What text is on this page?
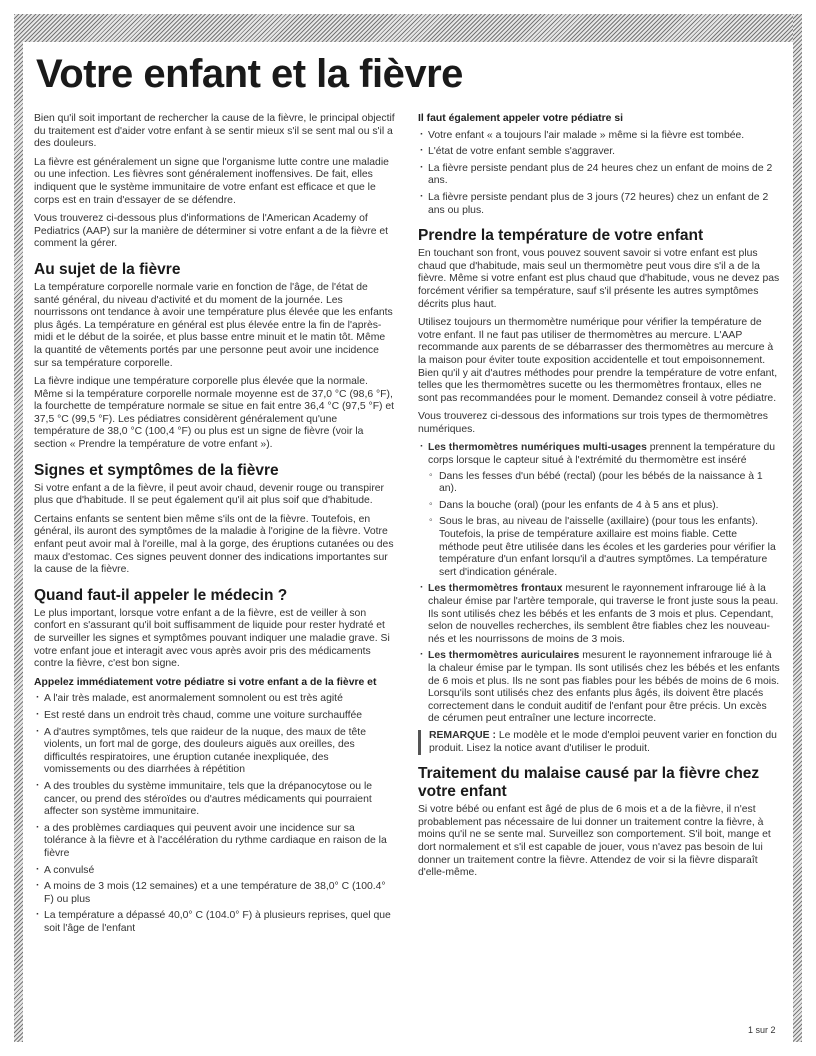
Votre enfant et la fièvre

Bien qu'il soit important de rechercher la cause de la fièvre, le principal objectif du traitement est d'aider votre enfant à se sentir mieux s'il se sent mal ou s'il a des douleurs.

La fièvre est généralement un signe que l'organisme lutte contre une maladie ou une infection. Les fièvres sont généralement inoffensives. De fait, elles indiquent que le système immunitaire de votre enfant est efficace et que le corps est en train d'essayer de se défendre.

Vous trouverez ci-dessous plus d'informations de l'American Academy of Pediatrics (AAP) sur la manière de déterminer si votre enfant a de la fièvre et comment la gérer.

Au sujet de la fièvre

La température corporelle normale varie en fonction de l'âge, de l'état de santé général, du niveau d'activité et du moment de la journée. Les nourrissons ont tendance à avoir une température plus élevée que les enfants plus âgés. La température en général est plus élevée entre la fin de l'après-midi et le début de la soirée, et plus basse entre minuit et le matin tôt. Même la quantité de vêtements portés par une personne peut avoir une incidence sur sa température corporelle.

La fièvre indique une température corporelle plus élevée que la normale. Même si la température corporelle normale moyenne est de 37,0 °C (98,6 °F), la fourchette de température normale se situe en fait entre 36,4 °C (97,5 °F) et 37,5 °C (99,5 °F). Les pédiatres considèrent généralement qu'une température de 38,0 °C (100,4 °F) ou plus est un signe de fièvre (voir la section « Prendre la température de votre enfant »).

Signes et symptômes de la fièvre

Si votre enfant a de la fièvre, il peut avoir chaud, devenir rouge ou transpirer plus que d'habitude. Il se peut également qu'il ait plus soif que d'habitude.

Certains enfants se sentent bien même s'ils ont de la fièvre. Toutefois, en général, ils auront des symptômes de la maladie à l'origine de la fièvre. Votre enfant peut avoir mal à l'oreille, mal à la gorge, des éruptions cutanées ou des maux d'estomac. Ces signes peuvent donner des indications importantes sur la cause de la fièvre.

Quand faut-il appeler le médecin ?

Le plus important, lorsque votre enfant a de la fièvre, est de veiller à son confort en s'assurant qu'il boit suffisamment de liquide pour rester hydraté et de surveiller les signes et symptômes pouvant indiquer une maladie grave. Si votre enfant joue et interagit avec vous après avoir pris des médicaments contre la fièvre, c'est bon signe.

Appelez immédiatement votre pédiatre si votre enfant a de la fièvre et
· A l'air très malade, est anormalement somnolent ou est très agité
· Est resté dans un endroit très chaud, comme une voiture surchauffée
· A d'autres symptômes, tels que raideur de la nuque, des maux de tête violents, un fort mal de gorge, des douleurs aiguës aux oreilles, des difficultés respiratoires, une éruption cutanée inexpliquée, des vomissements ou des diarrhées à répétition
· A des troubles du système immunitaire, tels que la drépanocytose ou le cancer, ou prend des stéroïdes ou d'autres médicaments qui pourraient affecter son système immunitaire.
· a des problèmes cardiaques qui peuvent avoir une incidence sur sa tolérance à la fièvre et à l'accélération du rythme cardiaque en raison de la fièvre
· A convulsé
· A moins de 3 mois (12 semaines) et a une température de 38,0° C (100.4° F) ou plus
· La température a dépassé 40,0° C (104.0° F) à plusieurs reprises, quel que soit l'âge de l'enfant
Il faut également appeler votre pédiatre si
· Votre enfant « a toujours l'air malade » même si la fièvre est tombée.
· L'état de votre enfant semble s'aggraver.
· La fièvre persiste pendant plus de 24 heures chez un enfant de moins de 2 ans.
· La fièvre persiste pendant plus de 3 jours (72 heures) chez un enfant de 2 ans ou plus.
Prendre la température de votre enfant

En touchant son front, vous pouvez souvent savoir si votre enfant est plus chaud que d'habitude, mais seul un thermomètre peut vous dire s'il a de la fièvre. Même si votre enfant est plus chaud que d'habitude, vous ne devez pas forcément vérifier sa température, sauf s'il présente les autres symptômes décrits plus haut.

Utilisez toujours un thermomètre numérique pour vérifier la température de votre enfant. Il ne faut pas utiliser de thermomètres au mercure. L'AAP recommande aux parents de se débarrasser des thermomètres au mercure à la maison pour éviter toute exposition accidentelle et tout empoisonnement. Bien qu'il y ait d'autres méthodes pour prendre la température de votre enfant, telles que les thermomètres sucette ou les thermomètres frontaux, elles ne sont pas recommandées pour le moment. Demandez conseil à votre pédiatre.

Vous trouverez ci-dessous des informations sur trois types de thermomètres numériques.

· Les thermomètres numériques multi-usages prennent la température du corps lorsque le capteur situé à l'extrémité du thermomètre est inséré
◦ Dans les fesses d'un bébé (rectal) (pour les bébés de la naissance à 1 an).
◦ Dans la bouche (oral) (pour les enfants de 4 à 5 ans et plus).
◦ Sous le bras, au niveau de l'aisselle (axillaire) (pour tous les enfants). Toutefois, la prise de température axillaire est moins fiable. Cette méthode peut être utilisée dans les écoles et les garderies pour vérifier la température d'un enfant lorsqu'il a d'autres symptômes. La température sert d'indication générale.
· Les thermomètres frontaux mesurent le rayonnement infrarouge lié à la chaleur émise par l'artère temporale, qui traverse le front juste sous la peau. Ils sont utilisés chez les bébés et les enfants de 3 mois et plus. Cependant, selon de nouvelles recherches, ils semblent être fiables chez les nouveau-nés et les nourrissons de moins de 3 mois.
· Les thermomètres auriculaires mesurent le rayonnement infrarouge lié à la chaleur émise par le tympan. Ils sont utilisés chez les bébés et les enfants de 6 mois et plus. Ils ne sont pas fiables pour les bébés de moins de 6 mois. Lorsqu'ils sont utilisés chez des enfants plus âgés, ils doivent être placés correctement dans le conduit auditif de l'enfant pour être précis. Un excès de cérumen peut entraîner une lecture incorrecte.

REMARQUE : Le modèle et le mode d'emploi peuvent varier en fonction du produit. Lisez la notice avant d'utiliser le produit.

Traitement du malaise causé par la fièvre chez votre enfant

Si votre bébé ou enfant est âgé de plus de 6 mois et a de la fièvre, il n'est probablement pas nécessaire de lui donner un traitement contre la fièvre, à moins qu'il ne se sente mal. Surveillez son comportement. S'il boit, mange et dort normalement et s'il est capable de jouer, vous n'avez pas besoin de lui donner un traitement contre la fièvre. Attendez de voir si la fièvre disparaît d'elle-même.

1 sur 2
